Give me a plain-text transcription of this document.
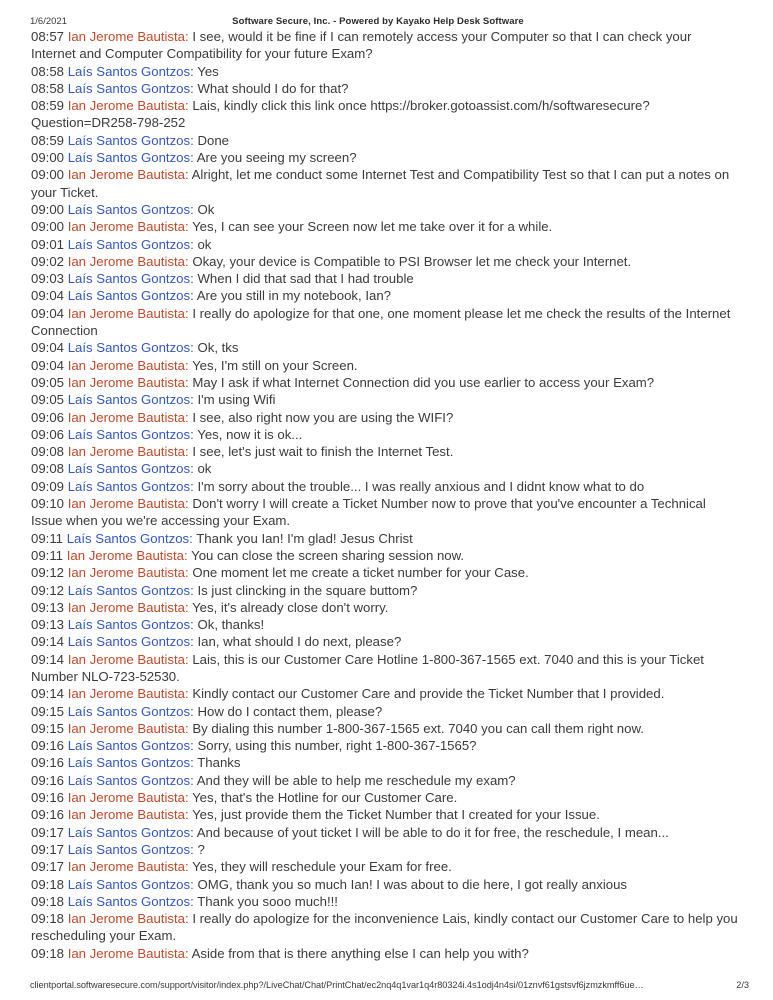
1/6/2021	Software Secure, Inc. - Powered by Kayako Help Desk Software

08:57 Ian Jerome Bautista: I see, would it be fine if I can remotely access your Computer so that I can check your Internet and Computer Compatibility for your future Exam?

08:58 Laís Santos Gontzos: Yes

08:58 Laís Santos Gontzos: What should I do for that?

08:59 Ian Jerome Bautista: Lais, kindly click this link once https://broker.gotoassist.com/h/softwaresecure?Question=DR258-798-252

08:59 Laís Santos Gontzos: Done

09:00 Laís Santos Gontzos: Are you seeing my screen?

09:00 Ian Jerome Bautista: Alright, let me conduct some Internet Test and Compatibility Test so that I can put a notes on your Ticket.

09:00 Laís Santos Gontzos: Ok

09:00 Ian Jerome Bautista: Yes, I can see your Screen now let me take over it for a while.

09:01 Laís Santos Gontzos: ok

09:02 Ian Jerome Bautista: Okay, your device is Compatible to PSI Browser let me check your Internet.

09:03 Laís Santos Gontzos: When I did that sad that I had trouble

09:04 Laís Santos Gontzos: Are you still in my notebook, Ian?

09:04 Ian Jerome Bautista: I really do apologize for that one, one moment please let me check the results of the Internet Connection

09:04 Laís Santos Gontzos: Ok, tks

09:04 Ian Jerome Bautista: Yes, I'm still on your Screen.

09:05 Ian Jerome Bautista: May I ask if what Internet Connection did you use earlier to access your Exam?

09:05 Laís Santos Gontzos: I'm using Wifi

09:06 Ian Jerome Bautista: I see, also right now you are using the WIFI?

09:06 Laís Santos Gontzos: Yes, now it is ok...

09:08 Ian Jerome Bautista: I see, let's just wait to finish the Internet Test.

09:08 Laís Santos Gontzos: ok

09:09 Laís Santos Gontzos: I'm sorry about the trouble... I was really anxious and I didnt know what to do

09:10 Ian Jerome Bautista: Don't worry I will create a Ticket Number now to prove that you've encounter a Technical Issue when you we're accessing your Exam.

09:11 Laís Santos Gontzos: Thank you Ian! I'm glad! Jesus Christ

09:11 Ian Jerome Bautista: You can close the screen sharing session now.

09:12 Ian Jerome Bautista: One moment let me create a ticket number for your Case.

09:12 Laís Santos Gontzos: Is just clincking in the square buttom?

09:13 Ian Jerome Bautista: Yes, it's already close don't worry.

09:13 Laís Santos Gontzos: Ok, thanks!

09:14 Laís Santos Gontzos: Ian, what should I do next, please?

09:14 Ian Jerome Bautista: Lais, this is our Customer Care Hotline 1-800-367-1565 ext. 7040 and this is your Ticket Number NLO-723-52530.

09:14 Ian Jerome Bautista: Kindly contact our Customer Care and provide the Ticket Number that I provided.

09:15 Laís Santos Gontzos: How do I contact them, please?

09:15 Ian Jerome Bautista: By dialing this number 1-800-367-1565 ext. 7040 you can call them right now.

09:16 Laís Santos Gontzos: Sorry, using this number, right 1-800-367-1565?

09:16 Laís Santos Gontzos: Thanks

09:16 Laís Santos Gontzos: And they will be able to help me reschedule my exam?

09:16 Ian Jerome Bautista: Yes, that's the Hotline for our Customer Care.

09:16 Ian Jerome Bautista: Yes, just provide them the Ticket Number that I created for your Issue.

09:17 Laís Santos Gontzos: And because of yout ticket I will be able to do it for free, the reschedule, I mean...

09:17 Laís Santos Gontzos: ?

09:17 Ian Jerome Bautista: Yes, they will reschedule your Exam for free.

09:18 Laís Santos Gontzos: OMG, thank you so much Ian! I was about to die here, I got really anxious

09:18 Laís Santos Gontzos: Thank you sooo much!!!

09:18 Ian Jerome Bautista: I really do apologize for the inconvenience Lais, kindly contact our Customer Care to help you rescheduling your Exam.

09:18 Ian Jerome Bautista: Aside from that is there anything else I can help you with?

clientportal.softwaresecure.com/support/visitor/index.php?/LiveChat/Chat/PrintChat/ec2nq4q1var1q4r80324i.4s1odj4n4si/01znvf61gstsvf6jzmzkmff6ue…	2/3
